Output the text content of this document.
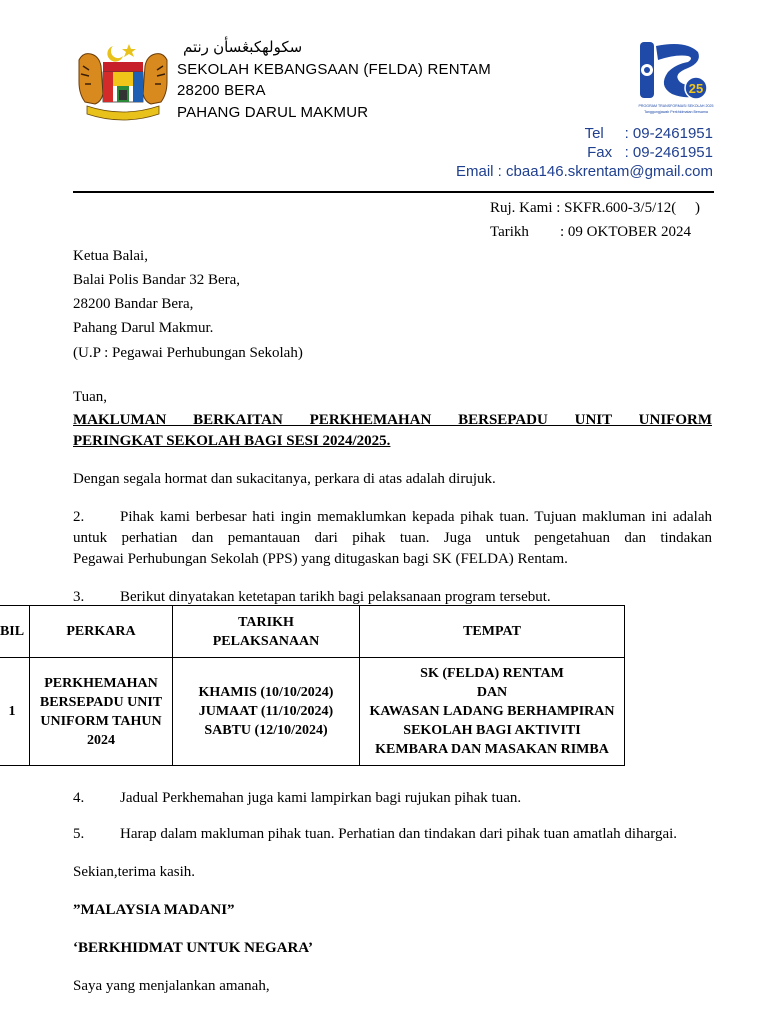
سکولهکبڠسأن رنتم
SEKOLAH KEBANGSAAN (FELDA) RENTAM
28200 BERA
PAHANG DARUL MAKMUR
25
PROGRAM TRANSFORMASI SEKOLAH 2025
Tanggungjawab Perkhidmatan Bersama
Tel     : 09-2461951
Fax   : 09-2461951
Email : cbaa146.skrentam@gmail.com
Ruj. Kami : SKFR.600-3/5/12(     )
Tarikh : 09 OKTOBER 2024
Ketua Balai,
Balai Polis Bandar 32 Bera,
28200 Bandar Bera,
Pahang Darul Makmur.
(U.P : Pegawai Perhubungan Sekolah)
Tuan,
MAKLUMAN BERKAITAN PERKHEMAHAN BERSEPADU UNIT UNIFORM
PERINGKAT SEKOLAH BAGI SESI 2024/2025.
Dengan segala hormat dan sukacitanya, perkara di atas adalah dirujuk.
2. Pihak kami berbesar hati ingin memaklumkan kepada pihak tuan. Tujuan makluman ini adalah
untuk perhatian dan pemantauan dari pihak tuan. Juga untuk pengetahuan dan tindakan
Pegawai Perhubungan Sekolah (PPS) yang ditugaskan bagi SK (FELDA) Rentam.
3. Berikut dinyatakan ketetapan tarikh bagi pelaksanaan program tersebut.
BIL	PERKARA	TARIKH
PELAKSANAAN	TEMPAT
1	PERKHEMAHAN
BERSEPADU UNIT
UNIFORM TAHUN
2024	KHAMIS (10/10/2024)
JUMAAT (11/10/2024)
SABTU (12/10/2024)	SK (FELDA) RENTAM
DAN
KAWASAN LADANG BERHAMPIRAN
SEKOLAH BAGI AKTIVITI
KEMBARA DAN MASAKAN RIMBA
4. Jadual Perkhemahan juga kami lampirkan bagi rujukan pihak tuan.
5. Harap dalam makluman pihak tuan. Perhatian dan tindakan dari pihak tuan amatlah dihargai.
Sekian,terima kasih.
”MALAYSIA MADANI”
‘BERKHIDMAT UNTUK NEGARA’
Saya yang menjalankan amanah,
